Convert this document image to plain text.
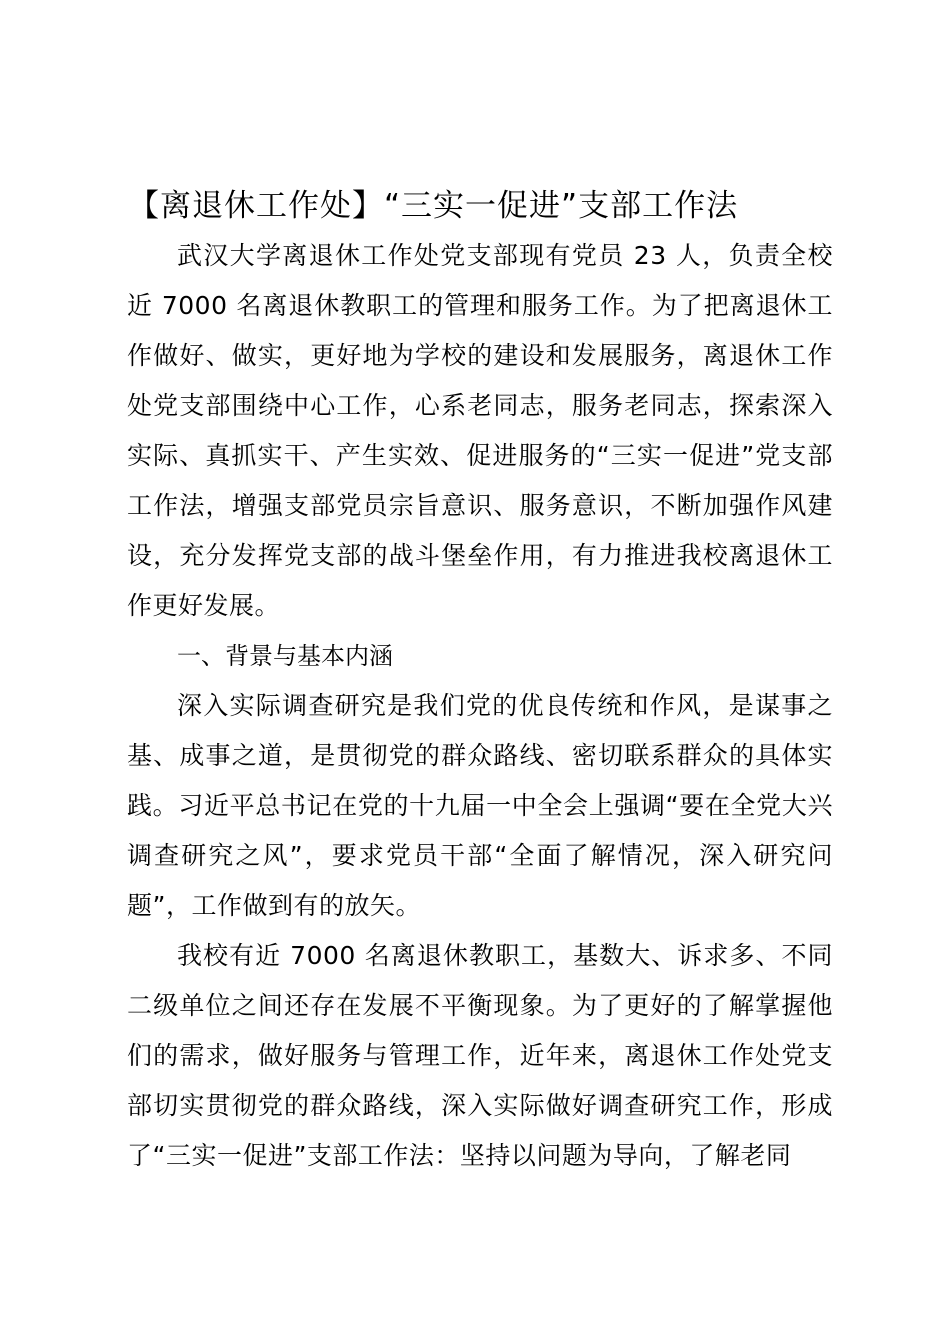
【离退休工作处】“三实一促进”支部工作法

武汉大学离退休工作处党支部现有党员 23 人，负责全校近 7000 名离退休教职工的管理和服务工作。为了把离退休工作做好、做实，更好地为学校的建设和发展服务，离退休工作处党支部围绕中心工作，心系老同志，服务老同志，探索深入实际、真抓实干、产生实效、促进服务的“三实一促进”党支部工作法，增强支部党员宗旨意识、服务意识，不断加强作风建设，充分发挥党支部的战斗堡垒作用，有力推进我校离退休工作更好发展。

一、背景与基本内涵

深入实际调查研究是我们党的优良传统和作风，是谋事之基、成事之道，是贯彻党的群众路线、密切联系群众的具体实践。习近平总书记在党的十九届一中全会上强调“要在全党大兴调查研究之风”，要求党员干部“全面了解情况，深入研究问题”，工作做到有的放矢。

我校有近 7000 名离退休教职工，基数大、诉求多、不同二级单位之间还存在发展不平衡现象。为了更好的了解掌握他们的需求，做好服务与管理工作，近年来，离退休工作处党支部切实贯彻党的群众路线，深入实际做好调查研究工作，形成了“三实一促进”支部工作法：坚持以问题为导向，了解老同
